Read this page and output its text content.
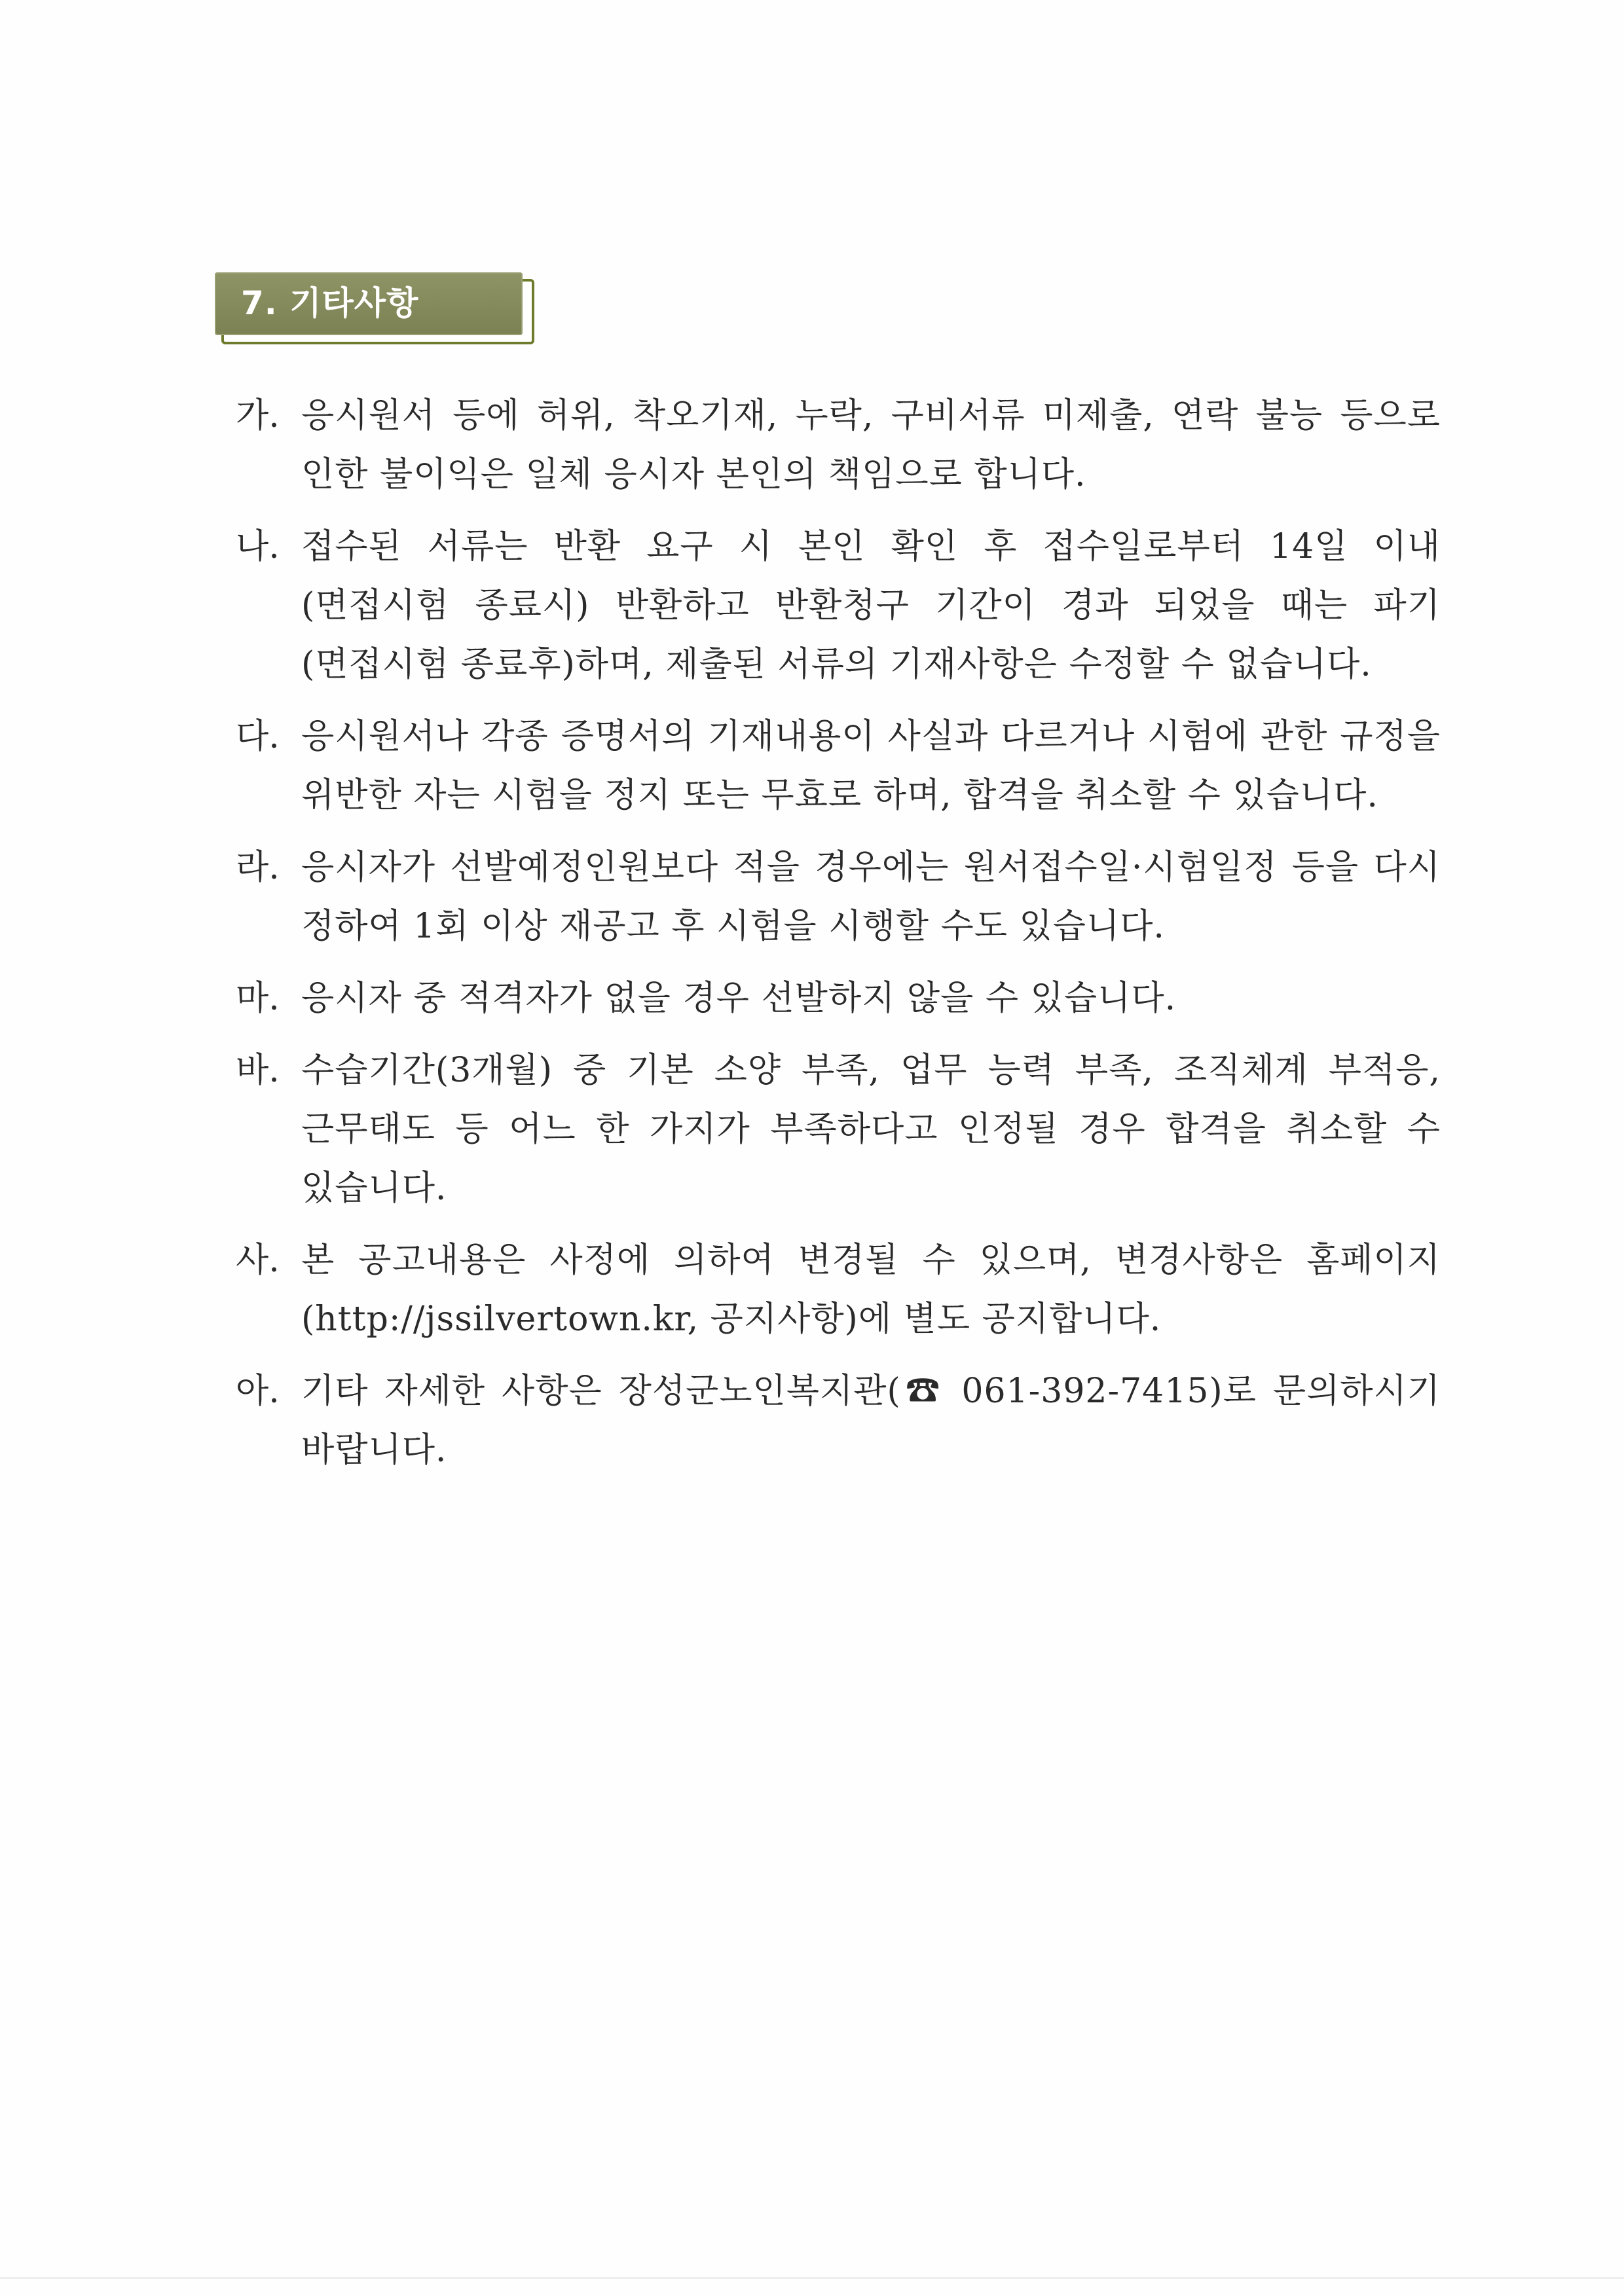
7. 기타사항
가. 응시원서 등에 허위, 착오기재, 누락, 구비서류 미제출, 연락 불능 등으로 인한 불이익은 일체 응시자 본인의 책임으로 합니다.
나. 접수된 서류는 반환 요구 시 본인 확인 후 접수일로부터 14일 이내(면접시험 종료시) 반환하고 반환청구 기간이 경과 되었을 때는 파기(면접시험 종료후)하며, 제출된 서류의 기재사항은 수정할 수 없습니다.
다. 응시원서나 각종 증명서의 기재내용이 사실과 다르거나 시험에 관한 규정을 위반한 자는 시험을 정지 또는 무효로 하며, 합격을 취소할 수 있습니다.
라. 응시자가 선발예정인원보다 적을 경우에는 원서접수일·시험일정 등을 다시 정하여 1회 이상 재공고 후 시험을 시행할 수도 있습니다.
마. 응시자 중 적격자가 없을 경우 선발하지 않을 수 있습니다.
바. 수습기간(3개월) 중 기본 소양 부족, 업무 능력 부족, 조직체계 부적응, 근무태도 등 어느 한 가지가 부족하다고 인정될 경우 합격을 취소할 수 있습니다.
사. 본 공고내용은 사정에 의하여 변경될 수 있으며, 변경사항은 홈페이지(http://jssilvertown.kr, 공지사항)에 별도 공지합니다.
아. 기타 자세한 사항은 장성군노인복지관(☎ 061-392-7415)로 문의하시기 바랍니다.
